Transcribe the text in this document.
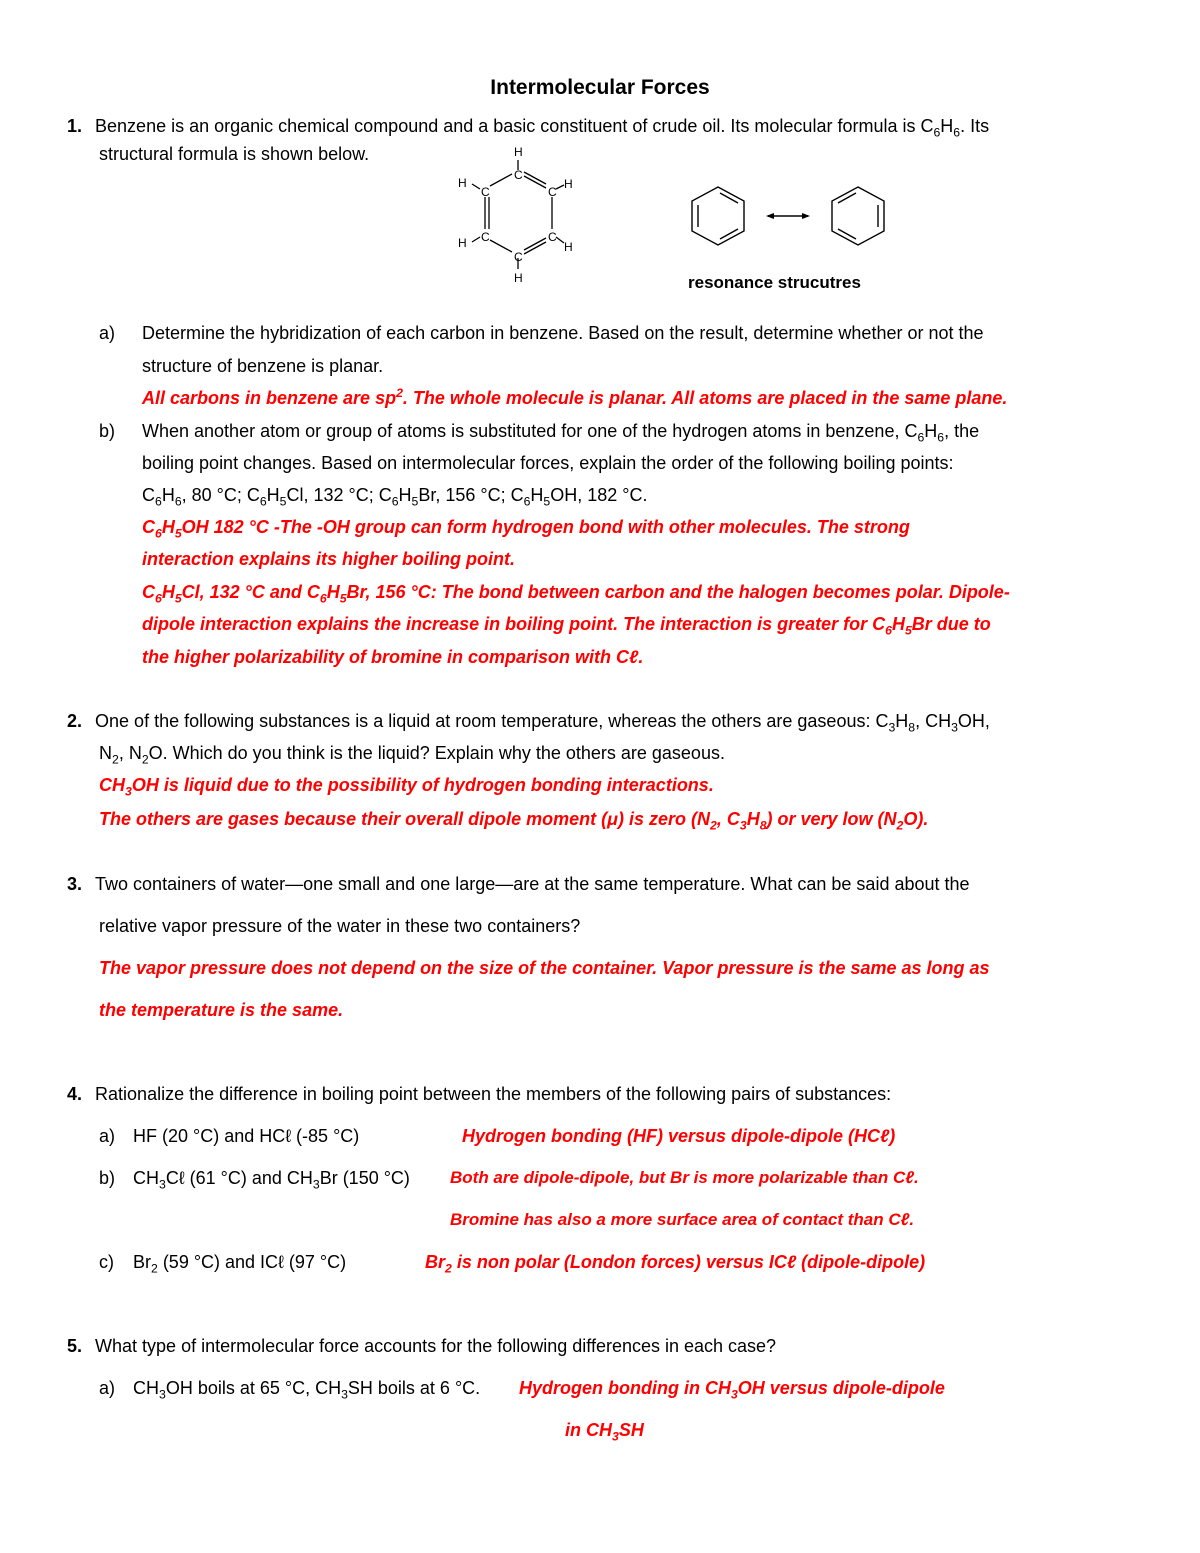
Intermolecular Forces
1. Benzene is an organic chemical compound and a basic constituent of crude oil. Its molecular formula is $C_6H_6$. Its
structural formula is shown below.	H
C
C
H
C
H
C
H
C
H
C
H
resonance strucutres
a) Determine the hybridization of each carbon in benzene. Based on the result, determine whether or not the
structure of benzene is planar.
All carbons in benzene are $sp^2$. The whole molecule is planar. All atoms are placed in the same plane.
b) When another atom or group of atoms is substituted for one of the hydrogen atoms in benzene, $C_6H_6$, the
boiling point changes. Based on intermolecular forces, explain the order of the following boiling points:
$C_6H_6$, 80 °C; $C_6H_5Cl$, 132 °C; $C_6H_5Br$, 156 °C; $C_6H_5OH$, 182 °C.
$C_6H_5OH$ 182 °C -The -OH group can form hydrogen bond with other molecules. The strong
interaction explains its higher boiling point.
$C_6H_5Cl$, 132 °C and $C_6H_5Br$, 156 °C: The bond between carbon and the halogen becomes polar. Dipole-
dipole interaction explains the increase in boiling point. The interaction is greater for $C_6H_5Br$ due to
the higher polarizability of bromine in comparison with Cℓ.
2. One of the following substances is a liquid at room temperature, whereas the others are gaseous: $C_3H_8$, $CH_3OH$,
$N_2$, $N_2O$. Which do you think is the liquid? Explain why the others are gaseous.
$CH_3OH$ is liquid due to the possibility of hydrogen bonding interactions.
The others are gases because their overall dipole moment (μ) is zero ($N_2$, $C_3H_8$) or very low $(N_2O)$.
3. Two containers of water—one small and one large—are at the same temperature. What can be said about the
relative vapor pressure of the water in these two containers?
The vapor pressure does not depend on the size of the container. Vapor pressure is the same as long as
the temperature is the same.
4. Rationalize the difference in boiling point between the members of the following pairs of substances:
a) HF (20 °C) and HCℓ (-85 °C)	Hydrogen bonding (HF) versus dipole-dipole (HCℓ)
b) $CH_3C\ell$ (61 °C) and $CH_3Br$ (150 °C) Both are dipole-dipole, but Br is more polarizable than Cℓ.
Bromine has also a more surface area of contact than Cℓ.
c) $Br_2$ (59 °C) and ICℓ (97 °C)	$Br_2$ is non polar (London forces) versus ICℓ (dipole-dipole)
5. What type of intermolecular force accounts for the following differences in each case?
a) $CH_3OH$ boils at 65 °C, $CH_3SH$ boils at 6 °C. Hydrogen bonding in $CH_3OH$ versus dipole-dipole
in $CH_3SH$
